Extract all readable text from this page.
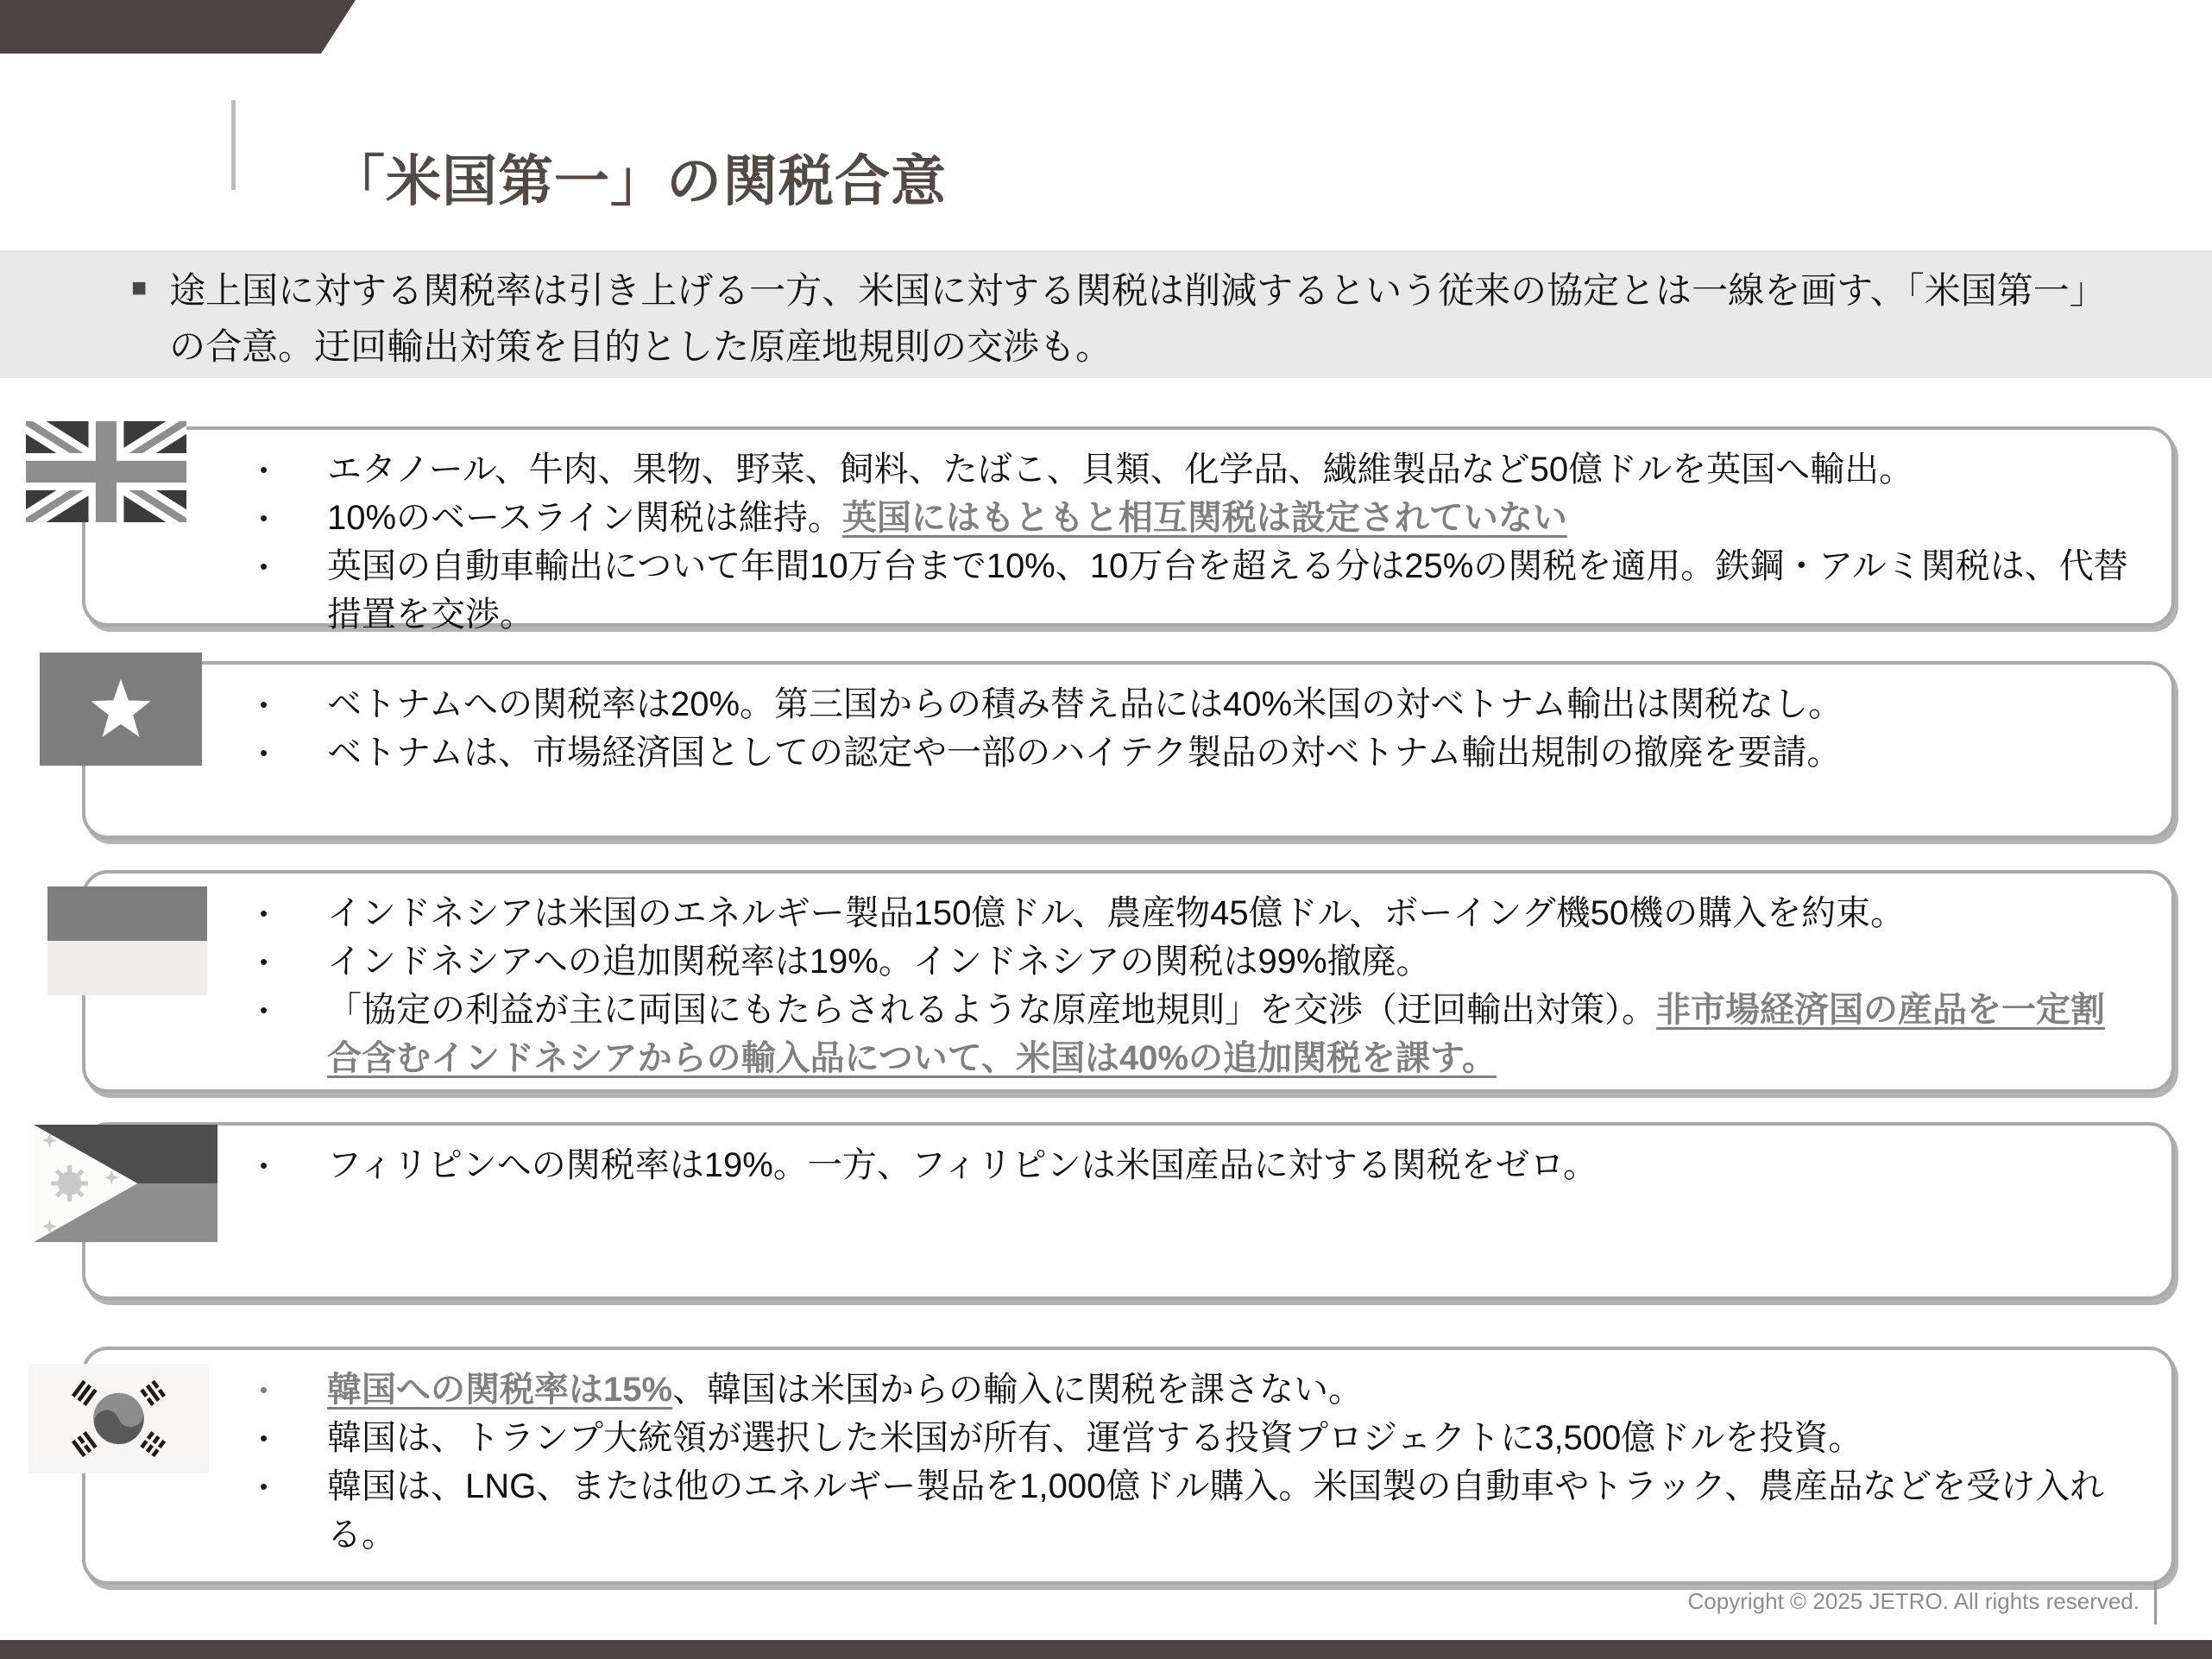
「米国第一」の関税合意
■ 途上国に対する関税率は引き上げる一方、米国に対する関税は削減するという従来の協定とは一線を画す、「米国第一」の合意。迂回輸出対策を目的とした原産地規則の交渉も。
•	エタノール、牛肉、果物、野菜、飼料、たばこ、貝類、化学品、繊維製品など50億ドルを英国へ輸出。
•	10%のベースライン関税は維持。英国にはもともと相互関税は設定されていない
•	英国の自動車輸出について年間10万台まで10%、10万台を超える分は25%の関税を適用。鉄鋼・アルミ関税は、代替措置を交渉。
•	ベトナムへの関税率は20%。第三国からの積み替え品には40%米国の対ベトナム輸出は関税なし。
•	ベトナムは、市場経済国としての認定や一部のハイテク製品の対ベトナム輸出規制の撤廃を要請。
•	インドネシアは米国のエネルギー製品150億ドル、農産物45億ドル、ボーイング機50機の購入を約束。
•	インドネシアへの追加関税率は19%。インドネシアの関税は99%撤廃。
•	「協定の利益が主に両国にもたらされるような原産地規則」を交渉（迂回輸出対策）。非市場経済国の産品を一定割合含むインドネシアからの輸入品について、米国は40%の追加関税を課す。
•	フィリピンへの関税率は19%。一方、フィリピンは米国産品に対する関税をゼロ。
•	韓国への関税率は15%、韓国は米国からの輸入に関税を課さない。
•	韓国は、トランプ大統領が選択した米国が所有、運営する投資プロジェクトに3,500億ドルを投資。
•	韓国は、LNG、または他のエネルギー製品を1,000億ドル購入。米国製の自動車やトラック、農産品などを受け入れる。
Copyright © 2025 JETRO. All rights reserved.
